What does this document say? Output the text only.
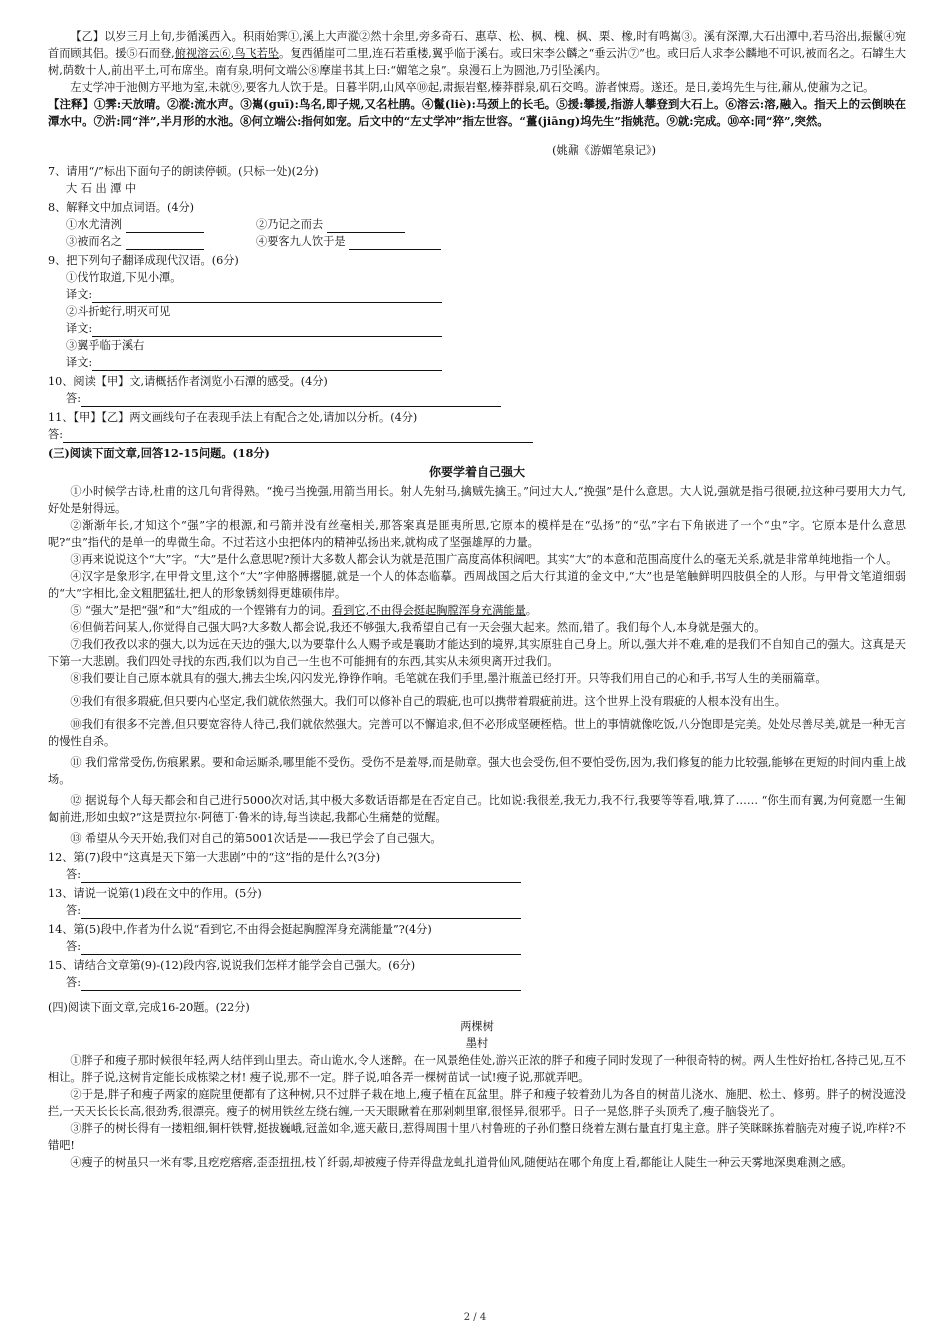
【乙】以岁三月上旬,步循溪西入。积雨始霁①,溪上大声漎②然十余里,旁多奇石、惠草、松、枫、槐、枫、栗、橡,时有鸣嶲③。溪有深潭,大石出潭中,若马浴出,振鬣④宛首而顾其侣。援⑤石而登,俯视溶云⑥,鸟飞若坠。复西循崖可二里,连石若重楼,翼乎临于溪右。或曰宋李公麟之“垂云沜⑦”也。或曰后人求李公麟地不可识,被而名之。石罅生大树,荫数十人,前出平土,可布席坐。南有泉,明何文端公⑧摩崖书其上曰:“媚笔之泉”。泉漫石上为圆池,乃引坠溪内。

左丈学冲于池侧方平地为室,未就⑨,要客九人饮于是。日暮半阴,山风卒⑩起,肃振岩壑,榛莽群泉,矶石交鸣。游者悚焉。遂还。是日,姜坞先生与往,鼐从,使鼐为之记。

【注释】①霁:天放晴。②漎:流水声。③嶲(guī):鸟名,即子规,又名杜鹃。④鬣(liè):马颈上的长毛。⑤援:攀援,指游人攀登到大石上。⑥溶云:溶,融入。指天上的云倒映在潭水中。⑦沜:同“泮”,半月形的水池。⑧何立端公:指何如宠。后文中的“左丈学冲”指左世容。“薑(jiāng)坞先生”指姚范。⑨就:完成。⑩卒:同“猝”,突然。

(姚鼐《游媚笔泉记》)

7、请用“/”标出下面句子的朗读停顿。(只标一处)(2分)

大 石 出 潭 中

8、解释文中加点词语。(4分)

①水尤清洌	②乃记之而去
③被而名之	④要客九人饮于是

9、把下列句子翻译成现代汉语。(6分)

①伐竹取道,下见小潭。

译文:

②斗折蛇行,明灭可见

译文:

③翼乎临于溪右

译文:

10、阅读【甲】文,请概括作者浏览小石潭的感受。(4分)

答:

11、【甲】【乙】两文画线句子在表现手法上有配合之处,请加以分析。(4分)

答:

(三)阅读下面文章,回答12-15问题。(18分)

你要学着自己强大

①小时候学古诗,杜甫的这几句背得熟。“挽弓当挽强,用箭当用长。射人先射马,擒贼先擒王。”问过大人,“挽强”是什么意思。大人说,强就是指弓很硬,拉这种弓要用大力气,好处是射得远。

②渐渐年长,才知这个“强”字的根源,和弓箭并没有丝毫相关,那答案真是匪夷所思,它原本的模样是在“弘扬”的“弘”字右下角嵌进了一个“虫”字。它原本是什么意思呢?“虫”指代的是单一的卑微生命。不过若这小虫把体内的精神弘扬出来,就构成了坚强雄厚的力量。

③再来说说这个“大”字。“大”是什么意思呢?预计大多数人都会认为就是范围广高度高体积阔吧。其实“大”的本意和范围高度什么的毫无关系,就是非常单纯地指一个人。

④汉字是象形字,在甲骨文里,这个“大”字伸胳膊撂腿,就是一个人的体态临摹。西周战国之后大行其道的金文中,“大”也是笔触鲜明四肢俱全的人形。与甲骨文笔道细弱的“大”字相比,金文粗肥猛壮,把人的形象锈刻得更雄硕伟岸。

⑤ “强大”是把“强”和“大”组成的一个铿锵有力的词。看到它,不由得会挺起胸膛浑身充满能量。

⑥但倘若问某人,你觉得自己强大吗?大多数人都会说,我还不够强大,我希望自己有一天会强大起来。然而,错了。我们每个人,本身就是强大的。

⑦我们孜孜以求的强大,以为远在天边的强大,以为要靠什么人赐予或是襄助才能达到的境界,其实原驻自己身上。所以,强大并不难,难的是我们不自知自己的强大。这真是天下第一大悲剧。我们四处寻找的东西,我们以为自己一生也不可能拥有的东西,其实从未须臾离开过我们。

⑧我们要让自己原本就具有的强大,拂去尘埃,闪闪发光,铮铮作响。毛笔就在我们手里,墨汁瓶盖已经打开。只等我们用自己的心和手,书写人生的美丽篇章。

⑨我们有很多瑕疵,但只要内心坚定,我们就依然强大。我们可以修补自己的瑕疵,也可以携带着瑕疵前进。这个世界上没有瑕疵的人根本没有出生。

⑩我们有很多不完善,但只要宽容待人待己,我们就依然强大。完善可以不懈追求,但不必形成坚硬桎梏。世上的事情就像吃饭,八分饱即是完美。处处尽善尽美,就是一种无言的慢性自杀。

⑪ 我们常常受伤,伤痕累累。要和命运厮杀,哪里能不受伤。受伤不是羞辱,而是勋章。强大也会受伤,但不要怕受伤,因为,我们修复的能力比较强,能够在更短的时间内重上战场。

⑫ 据说每个人每天都会和自己进行5000次对话,其中极大多数话语都是在否定自己。比如说:我很差,我无力,我不行,我要等等看,哦,算了…… “你生而有翼,为何竟愿一生匍匐前进,形如虫蚁?”这是贾拉尔·阿德丁·鲁米的诗,每当读起,我都心生痛楚的觉醒。

⑬ 希望从今天开始,我们对自己的第5001次话是——我已学会了自己强大。

12、第(7)段中“这真是天下第一大悲剧”中的“这”指的是什么?(3分)

答:

13、请说一说第(1)段在文中的作用。(5分)

答:

14、第(5)段中,作者为什么说“看到它,不由得会挺起胸膛浑身充满能量”?(4分)

答:

15、请结合文章第(9)-(12)段内容,说说我们怎样才能学会自己强大。(6分)

答:

(四)阅读下面文章,完成16-20题。(22分)

两棵树

墨村

①胖子和瘦子那时候很年轻,两人结伴到山里去。奇山诡水,令人迷醉。在一风景绝佳处,游兴正浓的胖子和瘦子同时发现了一种很奇特的树。两人生性好抬杠,各持己见,互不相让。胖子说,这树肯定能长成栋梁之材! 瘦子说,那不一定。胖子说,咱各弄一棵树苗试一试!瘦子说,那就弄吧。

②于是,胖子和瘦子两家的庭院里便都有了这种树,只不过胖子栽在地上,瘦子植在瓦盆里。胖子和瘦子较着劲儿为各自的树苗儿浇水、施肥、松土、修剪。胖子的树没遮没拦,一天天长长长高,很劲秀,很漂亮。瘦子的树用铁丝左绕右缠,一天天眼瞅着在那剁刺里窜,很怪异,很邪乎。日子一晃悠,胖子头顶秃了,瘦子脑袋光了。

③胖子的树长得有一搂粗细,铜杆铁臂,挺拔巍峨,冠盖如伞,遮天蔽日,惹得周围十里八村鲁班的子孙们整日绕着左测右量直打鬼主意。胖子笑眯眯拣着脑壳对瘦子说,咋样?不错吧!

④瘦子的树虽只一米有零,且疙疙瘩瘩,歪歪扭扭,枝丫纤弱,却被瘦子侍弄得盘龙虬扎道骨仙风,随便站在哪个角度上看,都能让人陡生一种云天雾地深奥难测之感。

2 / 4
